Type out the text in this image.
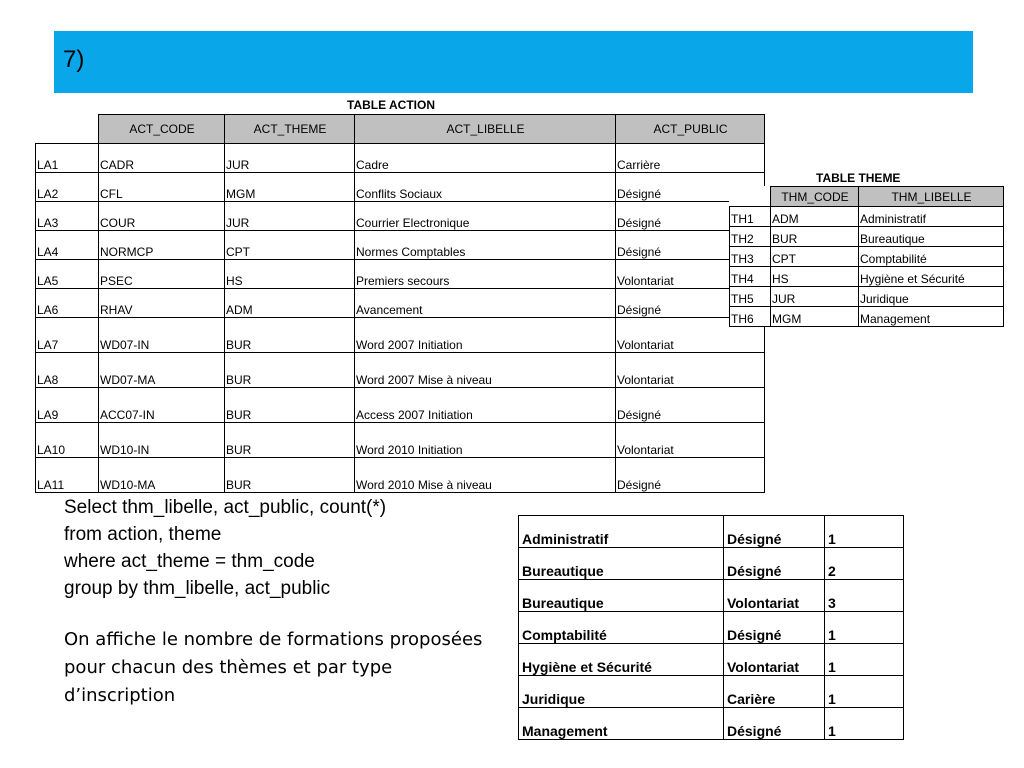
7)
TABLE ACTION
	ACT_CODE	ACT_THEME	ACT_LIBELLE	ACT_PUBLIC
LA1	CADR	JUR	Cadre	Carrière
LA2	CFL	MGM	Conflits Sociaux	Désigné
LA3	COUR	JUR	Courrier Electronique	Désigné
LA4	NORMCP	CPT	Normes Comptables	Désigné
LA5	PSEC	HS	Premiers secours	Volontariat
LA6	RHAV	ADM	Avancement	Désigné
LA7	WD07-IN	BUR	Word 2007 Initiation	Volontariat
LA8	WD07-MA	BUR	Word 2007 Mise à niveau	Volontariat
LA9	ACC07-IN	BUR	Access 2007 Initiation	Désigné
LA10	WD10-IN	BUR	Word 2010 Initiation	Volontariat
LA11	WD10-MA	BUR	Word 2010 Mise à niveau	Désigné
TABLE THEME
	THM_CODE	THM_LIBELLE
TH1	ADM	Administratif
TH2	BUR	Bureautique
TH3	CPT	Comptabilité
TH4	HS	Hygiène et Sécurité
TH5	JUR	Juridique
TH6	MGM	Management
Select thm_libelle, act_public, count(*)
from action, theme
where act_theme = thm_code
group by thm_libelle, act_public
On affiche le nombre de formations proposées pour chacun des thèmes et par type d’inscription
Administratif	Désigné	1
Bureautique	Désigné	2
Bureautique	Volontariat	3
Comptabilité	Désigné	1
Hygiène et Sécurité	Volontariat	1
Juridique	Carière	1
Management	Désigné	1
